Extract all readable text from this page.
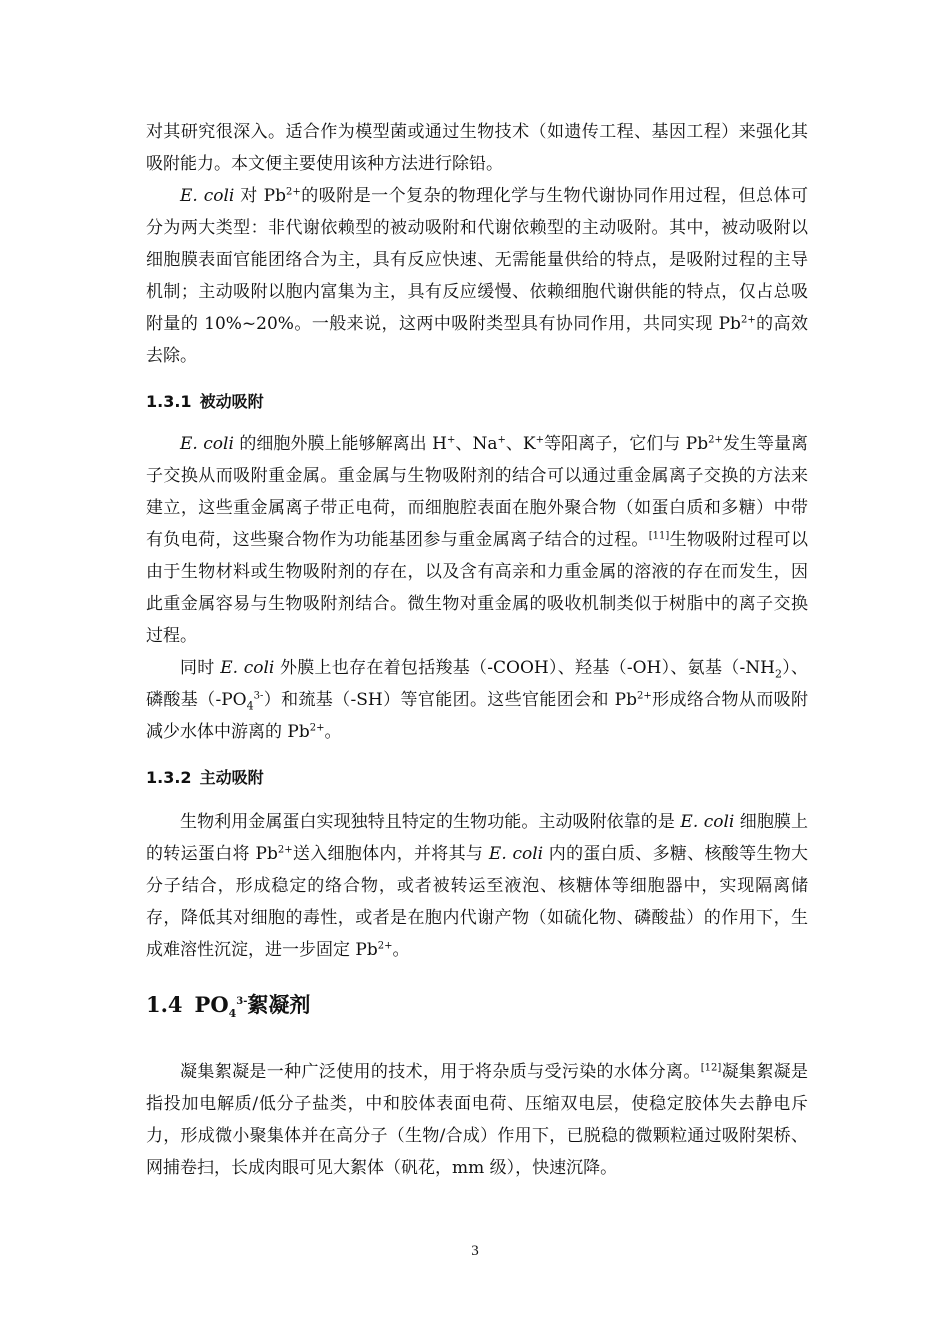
对其研究很深入。适合作为模型菌或通过生物技术（如遗传工程、基因工程）来强化其吸附能力。本文便主要使用该种方法进行除铅。

E. coli 对 $Pb^{2+}$的吸附是一个复杂的物理化学与生物代谢协同作用过程，但总体可分为两大类型：非代谢依赖型的被动吸附和代谢依赖型的主动吸附。其中，被动吸附以细胞膜表面官能团络合为主，具有反应快速、无需能量供给的特点，是吸附过程的主导机制；主动吸附以胞内富集为主，具有反应缓慢、依赖细胞代谢供能的特点，仅占总吸附量的 10%~20%。一般来说，这两中吸附类型具有协同作用，共同实现 $Pb^{2+}$的高效去除。

1.3.1 被动吸附

E. coli 的细胞外膜上能够解离出 H+、Na+、K+等阳离子，它们与 $Pb^{2+}$发生等量离子交换从而吸附重金属。重金属与生物吸附剂的结合可以通过重金属离子交换的方法来建立，这些重金属离子带正电荷，而细胞腔表面在胞外聚合物（如蛋白质和多糖）中带有负电荷，这些聚合物作为功能基团参与重金属离子结合的过程。[11]生物吸附过程可以由于生物材料或生物吸附剂的存在，以及含有高亲和力重金属的溶液的存在而发生，因此重金属容易与生物吸附剂结合。微生物对重金属的吸收机制类似于树脂中的离子交换过程。

同时 E. coli 外膜上也存在着包括羧基（-COOH）、羟基（-OH）、氨基$(-NH_2)$、磷酸基$(-PO_4^{3-})$和巯基（-SH）等官能团。这些官能团会和 $Pb^{2+}$形成络合物从而吸附减少水体中游离的 $Pb^{2+}$。

1.3.2 主动吸附

生物利用金属蛋白实现独特且特定的生物功能。主动吸附依靠的是 E. coli 细胞膜上的转运蛋白将 $Pb^{2+}$送入细胞体内，并将其与 E. coli 内的蛋白质、多糖、核酸等生物大分子结合，形成稳定的络合物，或者被转运至液泡、核糖体等细胞器中，实现隔离储存，降低其对细胞的毒性，或者是在胞内代谢产物（如硫化物、磷酸盐）的作用下，生成难溶性沉淀，进一步固定 $Pb^{2+}$。

1.4 $PO_4^{3-}$絮凝剂

凝集絮凝是一种广泛使用的技术，用于将杂质与受污染的水体分离。[12]凝集絮凝是指投加电解质/低分子盐类，中和胶体表面电荷、压缩双电层，使稳定胶体失去静电斥力，形成微小聚集体并在高分子（生物/合成）作用下，已脱稳的微颗粒通过吸附架桥、网捕卷扫，长成肉眼可见大絮体（矾花，mm 级），快速沉降。

3
